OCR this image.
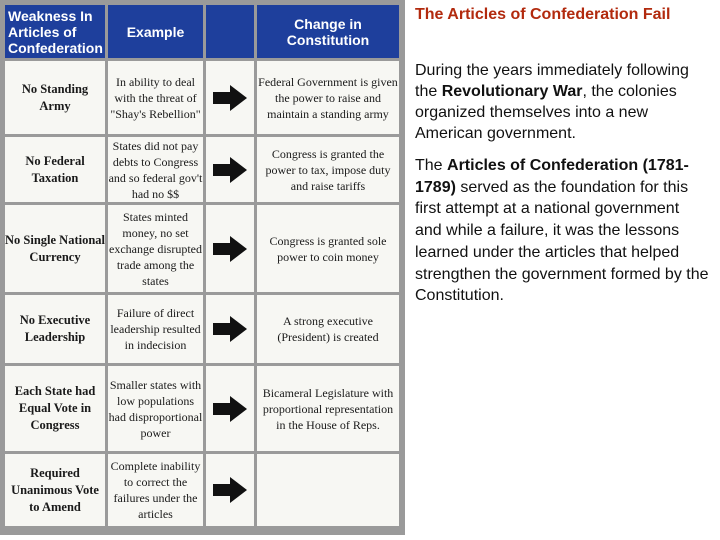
Weakness In Articles of Confederation	Example		Change in Constitution
No Standing Army	In ability to deal with the threat of "Shay's Rebellion"		Federal Government is given the power to raise and maintain a standing army
No Federal Taxation	States did not pay debts to Congress and so federal gov't had no $$		Congress is granted the power to tax, impose duty and raise tariffs
No Single National Currency	States minted money, no set exchange disrupted trade among the states		Congress is granted sole power to coin money
No Executive Leadership	Failure of direct leadership resulted in indecision		A strong executive (President) is created
Each State had Equal Vote in Congress	Smaller states with low populations had disproportional power		Bicameral Legislature with proportional representation in the House of Reps.
Required Unanimous Vote to Amend	Complete inability to correct the failures under the articles	

The Articles of Confederation Fail

During the years immediately following the Revolutionary War, the colonies organized themselves into a new American government.

The Articles of Confederation (1781-1789) served as the foundation for this first attempt at a national government and while a failure, it was the lessons learned under the articles that helped strengthen the government formed by the Constitution.
